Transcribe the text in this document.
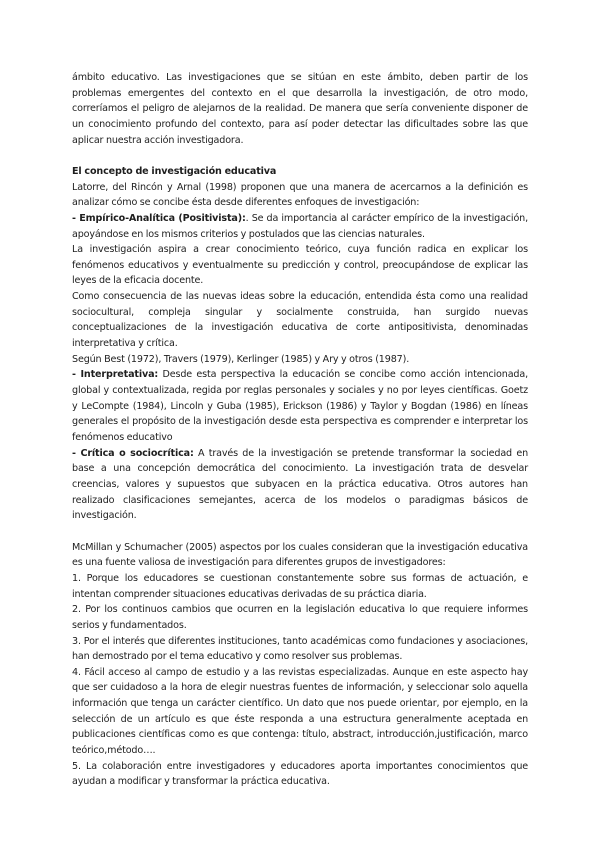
ámbito educativo. Las investigaciones que se sitúan en este ámbito, deben partir de los problemas emergentes del contexto en el que desarrolla la investigación, de otro modo, correríamos el peligro de alejarnos de la realidad. De manera que sería conveniente disponer de un conocimiento profundo del contexto, para así poder detectar las dificultades sobre las que aplicar nuestra acción investigadora.

El concepto de investigación educativa

Latorre, del Rincón y Arnal (1998) proponen que una manera de acercarnos a la definición es analizar cómo se concibe ésta desde diferentes enfoques de investigación:

- Empírico-Analítica (Positivista):. Se da importancia al carácter empírico de la investigación, apoyándose en los mismos criterios y postulados que las ciencias naturales.

La investigación aspira a crear conocimiento teórico, cuya función radica en explicar los fenómenos educativos y eventualmente su predicción y control, preocupándose de explicar las leyes de la eficacia docente.

Como consecuencia de las nuevas ideas sobre la educación, entendida ésta como una realidad sociocultural, compleja singular y socialmente construida, han surgido nuevas conceptualizaciones de la investigación educativa de corte antipositivista, denominadas interpretativa y crítica.

Según Best (1972), Travers (1979), Kerlinger (1985) y Ary y otros (1987).

- Interpretativa: Desde esta perspectiva la educación se concibe como acción intencionada, global y contextualizada, regida por reglas personales y sociales y no por leyes científicas. Goetz y LeCompte (1984), Lincoln y Guba (1985), Erickson (1986) y Taylor y Bogdan (1986) en líneas generales el propósito de la investigación desde esta perspectiva es comprender e interpretar los fenómenos educativo

- Crítica o sociocrítica: A través de la investigación se pretende transformar la sociedad en base a una concepción democrática del conocimiento. La investigación trata de desvelar creencias, valores y supuestos que subyacen en la práctica educativa. Otros autores han realizado clasificaciones semejantes, acerca de los modelos o paradigmas básicos de investigación.

McMillan y Schumacher (2005) aspectos por los cuales consideran que la investigación educativa es una fuente valiosa de investigación para diferentes grupos de investigadores:

1. Porque los educadores se cuestionan constantemente sobre sus formas de actuación, e intentan comprender situaciones educativas derivadas de su práctica diaria.

2. Por los continuos cambios que ocurren en la legislación educativa lo que requiere informes serios y fundamentados.

3. Por el interés que diferentes instituciones, tanto académicas como fundaciones y asociaciones, han demostrado por el tema educativo y como resolver sus problemas.

4. Fácil acceso al campo de estudio y a las revistas especializadas. Aunque en este aspecto hay que ser cuidadoso a la hora de elegir nuestras fuentes de información, y seleccionar solo aquella información que tenga un carácter científico. Un dato que nos puede orientar, por ejemplo, en la selección de un artículo es que éste responda a una estructura generalmente aceptada en publicaciones científicas como es que contenga: título, abstract, introducción,justificación, marco teórico,método….

5. La colaboración entre investigadores y educadores aporta importantes conocimientos que ayudan a modificar y transformar la práctica educativa.
